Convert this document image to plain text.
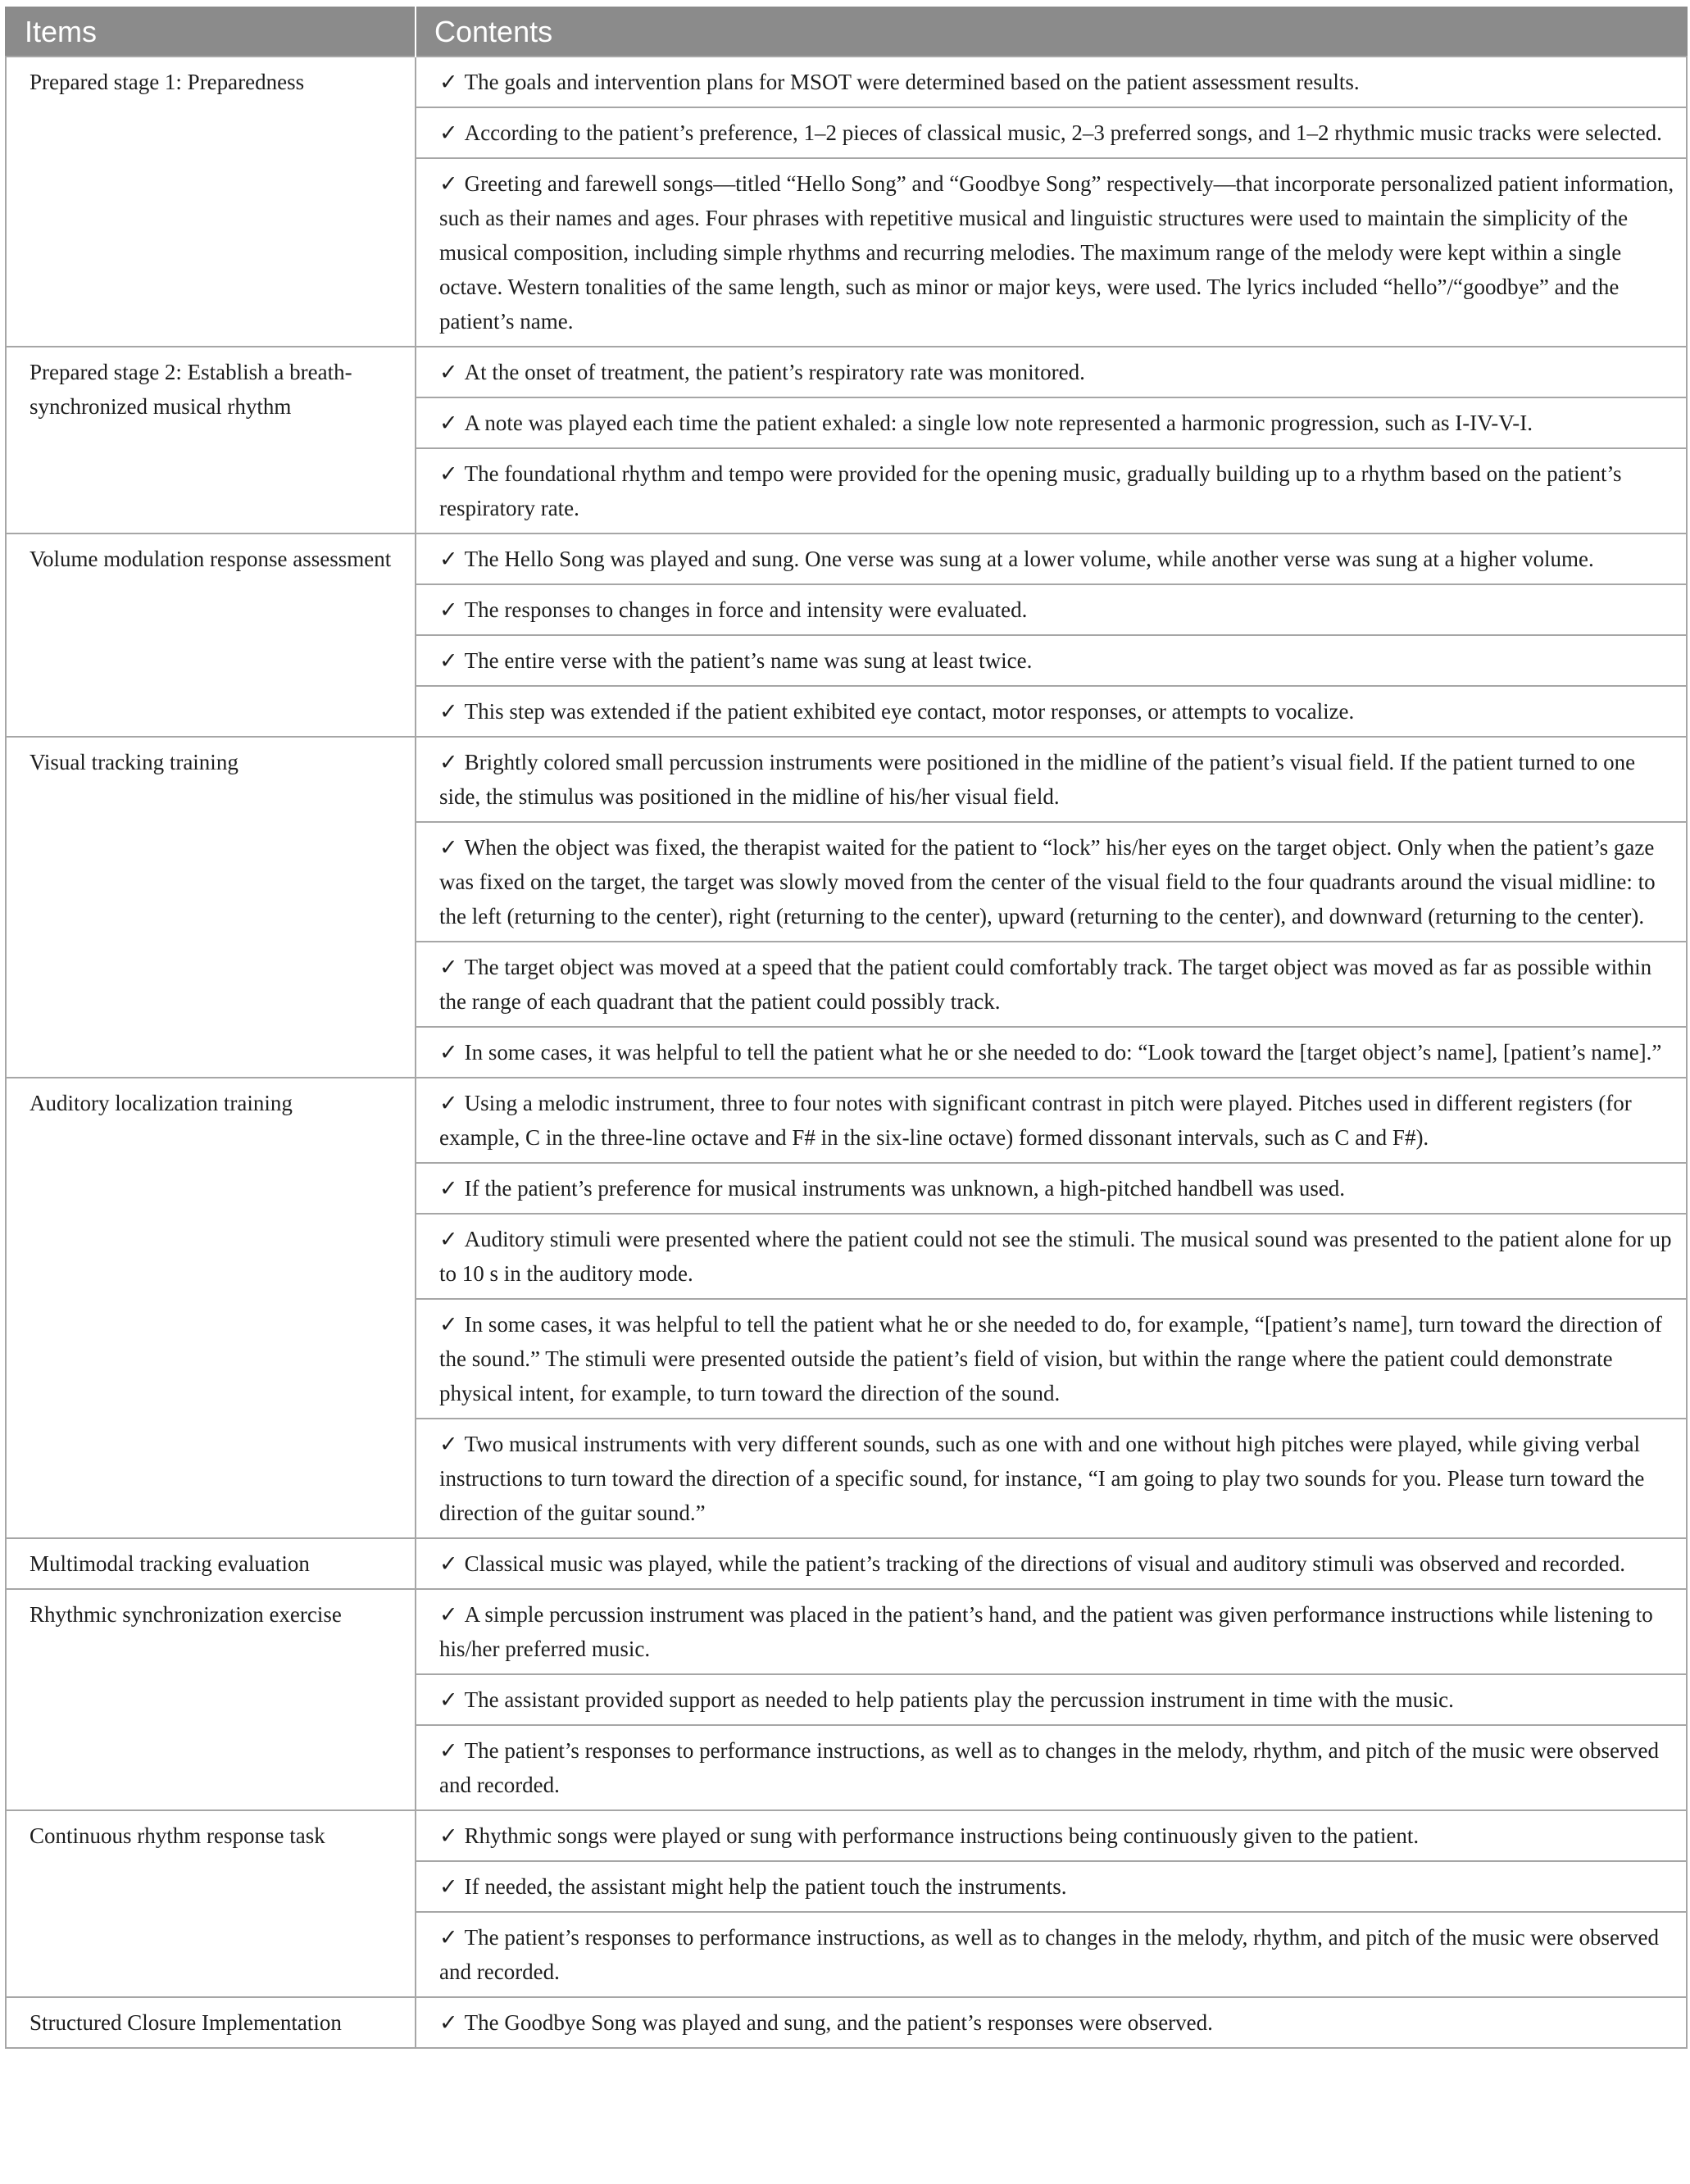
Items	Contents
Prepared stage 1: Preparedness	✓ The goals and intervention plans for MSOT were determined based on the patient assessment results.
	✓ According to the patient’s preference, 1–2 pieces of classical music, 2–3 preferred songs, and 1–2 rhythmic music tracks were selected.
	✓ Greeting and farewell songs—titled “Hello Song” and “Goodbye Song” respectively—that incorporate personalized patient information, such as their names and ages. Four phrases with repetitive musical and linguistic structures were used to maintain the simplicity of the musical composition, including simple rhythms and recurring melodies. The maximum range of the melody were kept within a single octave. Western tonalities of the same length, such as minor or major keys, were used. The lyrics included “hello”/“goodbye” and the patient’s name.
Prepared stage 2: Establish a breath-synchronized musical rhythm	✓ At the onset of treatment, the patient’s respiratory rate was monitored.
	✓ A note was played each time the patient exhaled: a single low note represented a harmonic progression, such as I-IV-V-I.
	✓ The foundational rhythm and tempo were provided for the opening music, gradually building up to a rhythm based on the patient’s respiratory rate.
Volume modulation response assessment	✓ The Hello Song was played and sung. One verse was sung at a lower volume, while another verse was sung at a higher volume.
	✓ The responses to changes in force and intensity were evaluated.
	✓ The entire verse with the patient’s name was sung at least twice.
	✓ This step was extended if the patient exhibited eye contact, motor responses, or attempts to vocalize.
Visual tracking training	✓ Brightly colored small percussion instruments were positioned in the midline of the patient’s visual field. If the patient turned to one side, the stimulus was positioned in the midline of his/her visual field.
	✓ When the object was fixed, the therapist waited for the patient to “lock” his/her eyes on the target object. Only when the patient’s gaze was fixed on the target, the target was slowly moved from the center of the visual field to the four quadrants around the visual midline: to the left (returning to the center), right (returning to the center), upward (returning to the center), and downward (returning to the center).
	✓ The target object was moved at a speed that the patient could comfortably track. The target object was moved as far as possible within the range of each quadrant that the patient could possibly track.
	✓ In some cases, it was helpful to tell the patient what he or she needed to do: “Look toward the [target object’s name], [patient’s name].”
Auditory localization training	✓ Using a melodic instrument, three to four notes with significant contrast in pitch were played. Pitches used in different registers (for example, C in the three-line octave and F# in the six-line octave) formed dissonant intervals, such as C and F#).
	✓ If the patient’s preference for musical instruments was unknown, a high-pitched handbell was used.
	✓ Auditory stimuli were presented where the patient could not see the stimuli. The musical sound was presented to the patient alone for up to 10 s in the auditory mode.
	✓ In some cases, it was helpful to tell the patient what he or she needed to do, for example, “[patient’s name], turn toward the direction of the sound.” The stimuli were presented outside the patient’s field of vision, but within the range where the patient could demonstrate physical intent, for example, to turn toward the direction of the sound.
	✓ Two musical instruments with very different sounds, such as one with and one without high pitches were played, while giving verbal instructions to turn toward the direction of a specific sound, for instance, “I am going to play two sounds for you. Please turn toward the direction of the guitar sound.”
Multimodal tracking evaluation	✓ Classical music was played, while the patient’s tracking of the directions of visual and auditory stimuli was observed and recorded.
Rhythmic synchronization exercise	✓ A simple percussion instrument was placed in the patient’s hand, and the patient was given performance instructions while listening to his/her preferred music.
	✓ The assistant provided support as needed to help patients play the percussion instrument in time with the music.
	✓ The patient’s responses to performance instructions, as well as to changes in the melody, rhythm, and pitch of the music were observed and recorded.
Continuous rhythm response task	✓ Rhythmic songs were played or sung with performance instructions being continuously given to the patient.
	✓ If needed, the assistant might help the patient touch the instruments.
	✓ The patient’s responses to performance instructions, as well as to changes in the melody, rhythm, and pitch of the music were observed and recorded.
Structured Closure Implementation	✓ The Goodbye Song was played and sung, and the patient’s responses were observed.
